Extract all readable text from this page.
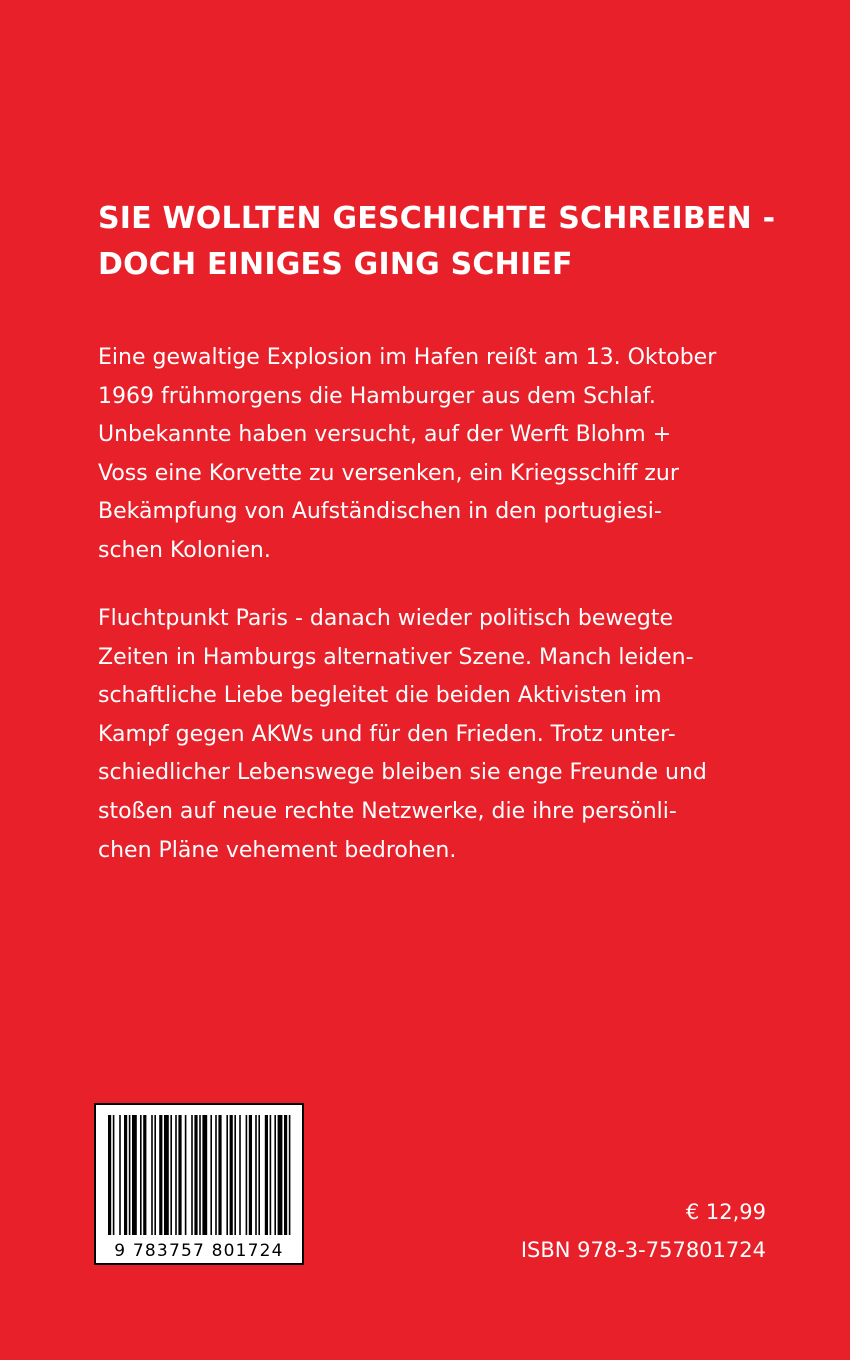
SIE WOLLTEN GESCHICHTE SCHREIBEN -
DOCH EINIGES GING SCHIEF

Eine gewaltige Explosion im Hafen reißt am 13. Oktober
1969 frühmorgens die Hamburger aus dem Schlaf.
Unbekannte haben versucht, auf der Werft Blohm +
Voss eine Korvette zu versenken, ein Kriegsschiff zur
Bekämpfung von Aufständischen in den portugiesi-
schen Kolonien.

Fluchtpunkt Paris - danach wieder politisch bewegte
Zeiten in Hamburgs alternativer Szene. Manch leiden-
schaftliche Liebe begleitet die beiden Aktivisten im
Kampf gegen AKWs und für den Frieden. Trotz unter-
schiedlicher Lebenswege bleiben sie enge Freunde und
stoßen auf neue rechte Netzwerke, die ihre persönli-
chen Pläne vehement bedrohen.

9 783757 801724
€ 12,99
ISBN 978-3-757801724
